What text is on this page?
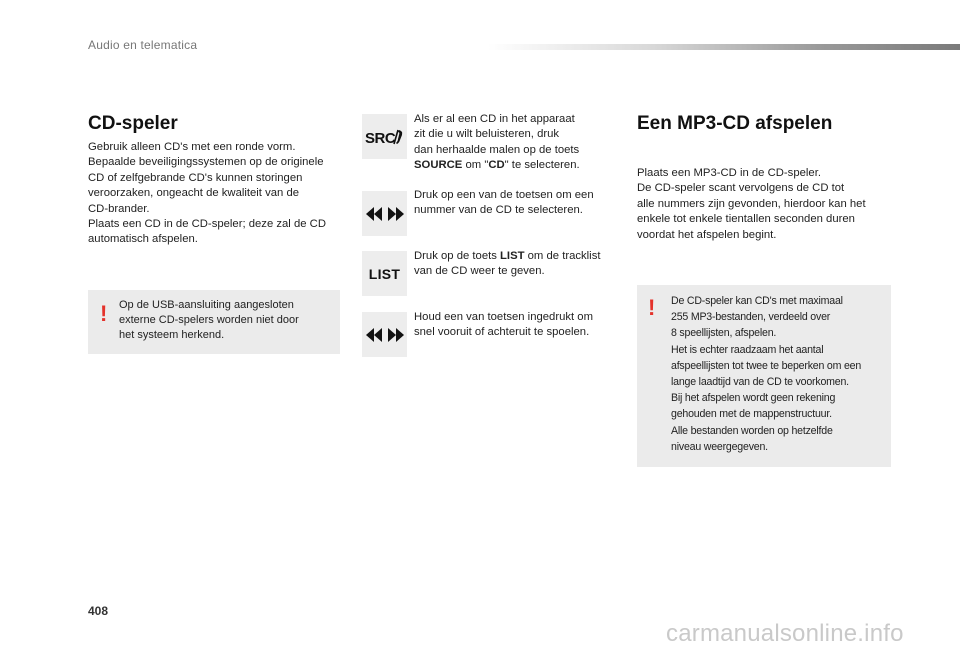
Audio en telematica
CD-speler
Gebruik alleen CD's met een ronde vorm.
Bepaalde beveiligingssystemen op de originele
CD of zelfgebrande CD's kunnen storingen
veroorzaken, ongeacht de kwaliteit van de
CD-brander.
Plaats een CD in de CD-speler; deze zal de CD
automatisch afspelen.
! Op de USB-aansluiting aangesloten
externe CD-spelers worden niet door
het systeem herkend.
SRC
Als er al een CD in het apparaat
zit die u wilt beluisteren, druk
dan herhaalde malen op de toets
SOURCE om "CD" te selecteren.
Druk op een van de toetsen om een
nummer van de CD te selecteren.
LIST
Druk op de toets LIST om de tracklist
van de CD weer te geven.
Houd een van toetsen ingedrukt om
snel vooruit of achteruit te spoelen.
Een MP3-CD afspelen
Plaats een MP3-CD in de CD-speler.
De CD-speler scant vervolgens de CD tot
alle nummers zijn gevonden, hierdoor kan het
enkele tot enkele tientallen seconden duren
voordat het afspelen begint.
! De CD-speler kan CD's met maximaal
255 MP3-bestanden, verdeeld over
8 speellijsten, afspelen.
Het is echter raadzaam het aantal
afspeellijsten tot twee te beperken om een
lange laadtijd van de CD te voorkomen.
Bij het afspelen wordt geen rekening
gehouden met de mappenstructuur.
Alle bestanden worden op hetzelfde
niveau weergegeven.
408
carmanualsonline.info
